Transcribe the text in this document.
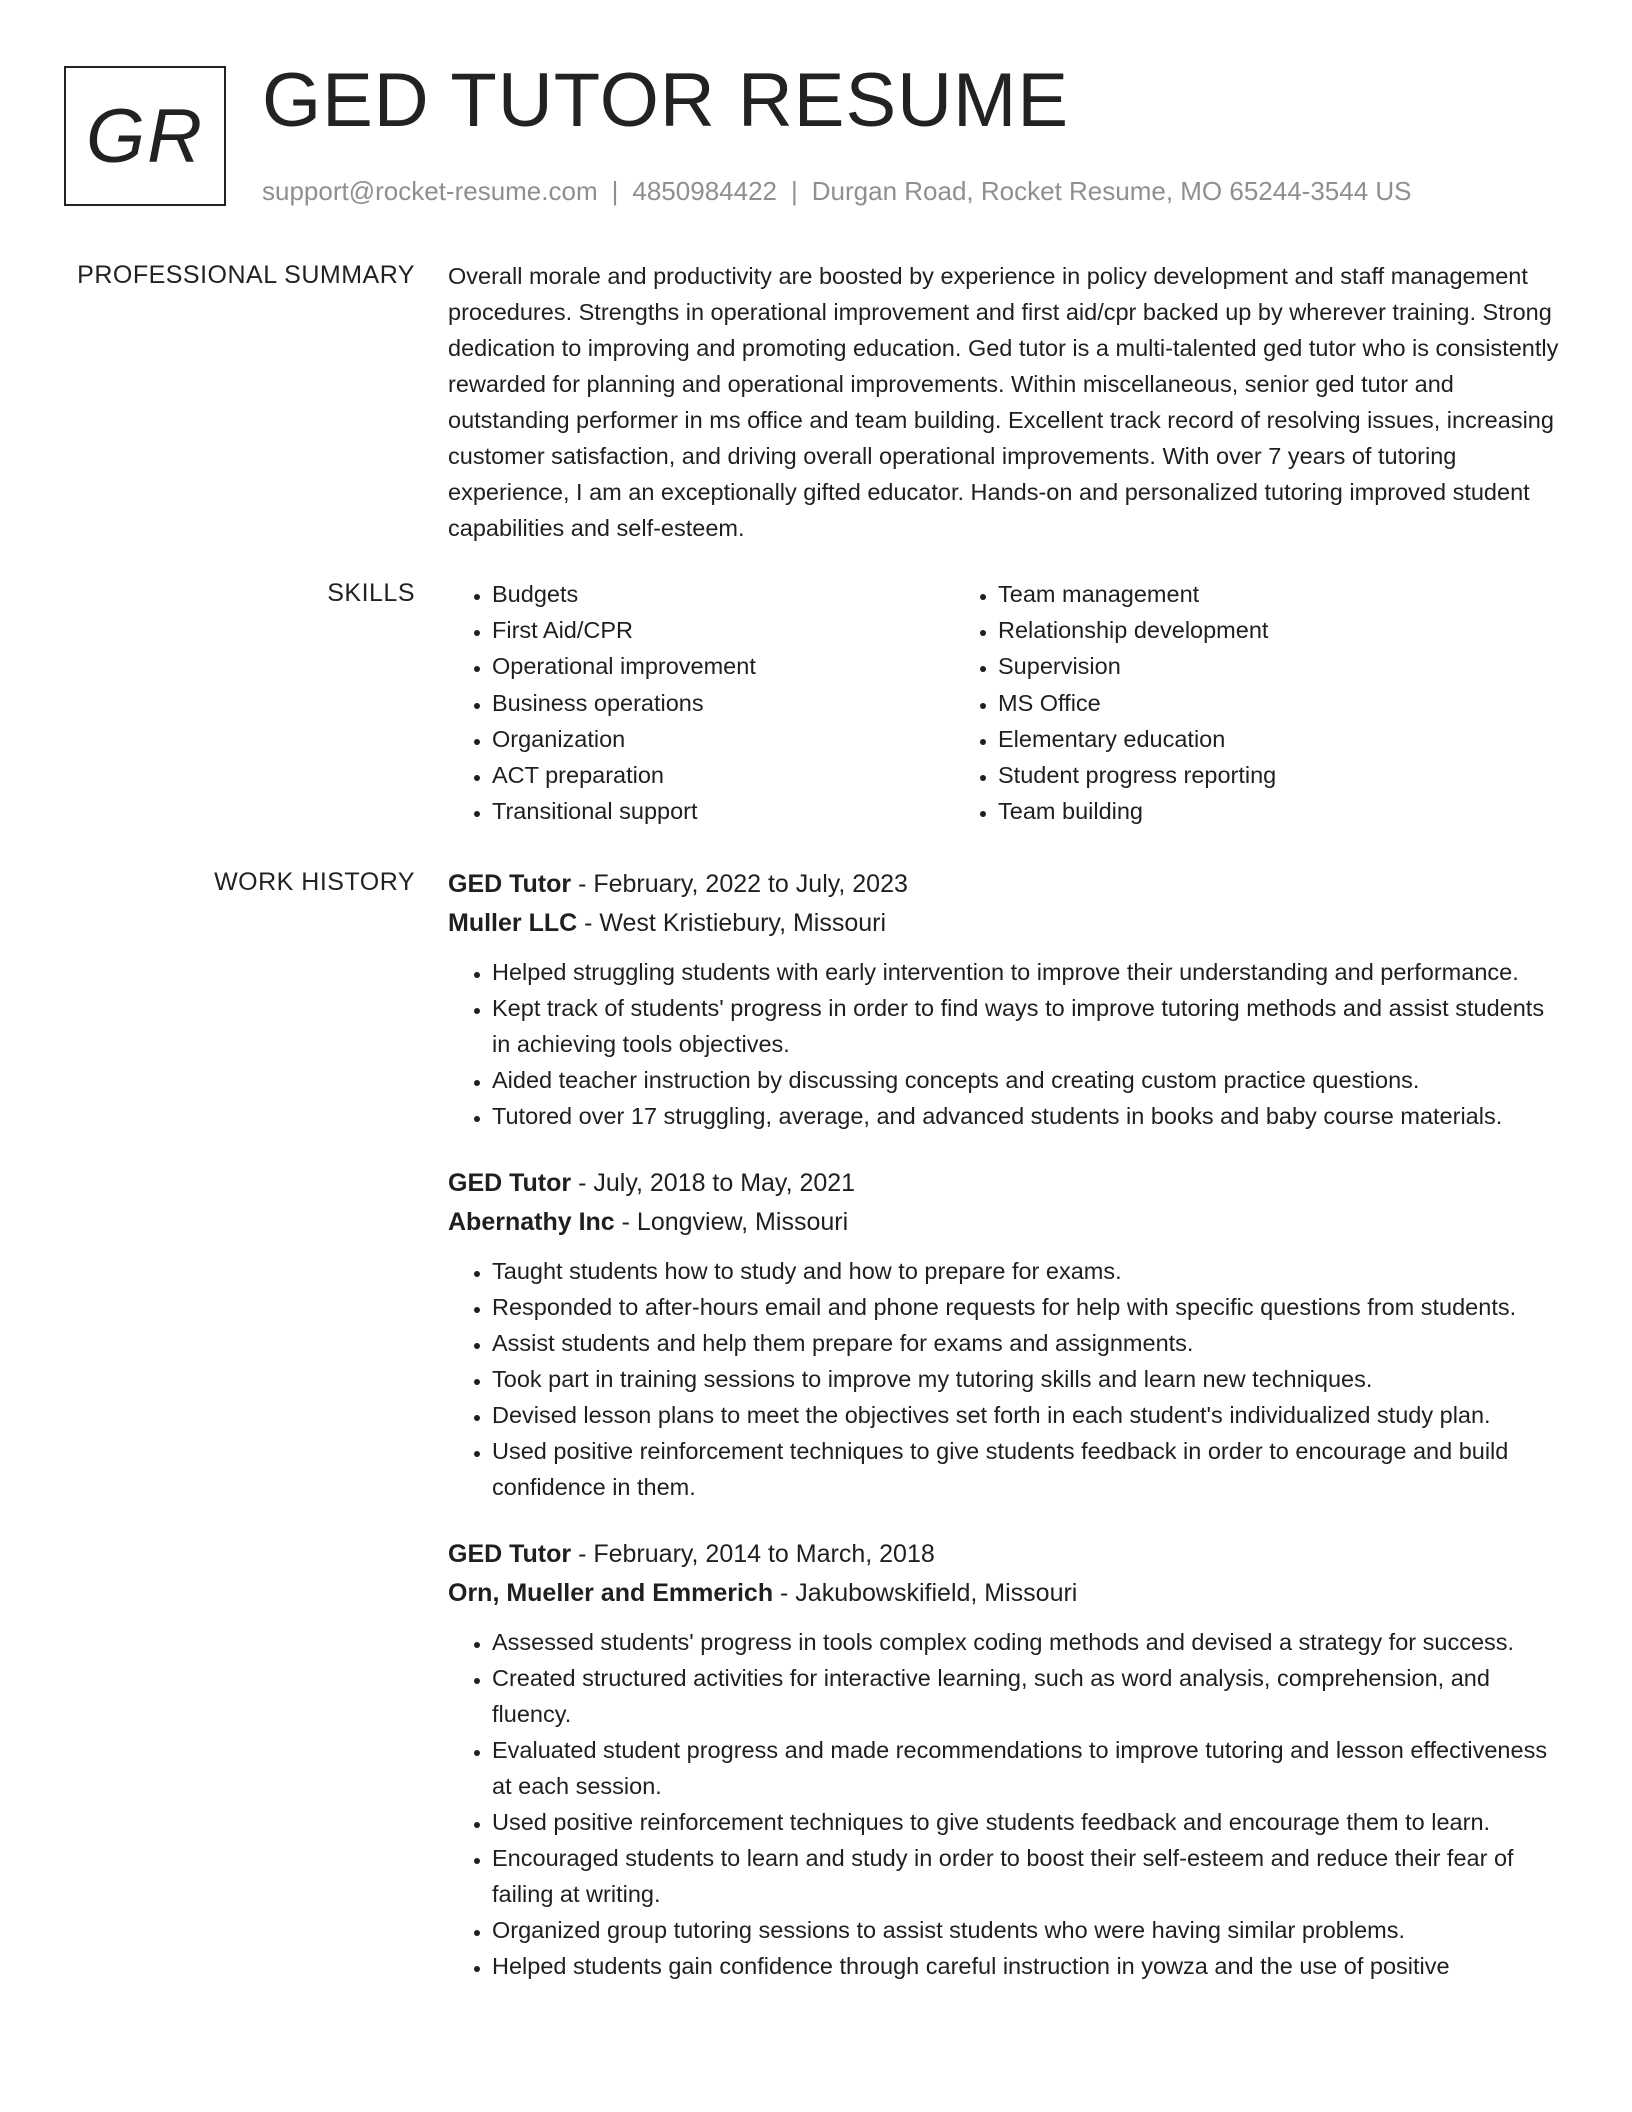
GR GED TUTOR RESUME
support@rocket-resume.com | 4850984422 | Durgan Road, Rocket Resume, MO 65244-3544 US
PROFESSIONAL SUMMARY Overall morale and productivity are boosted by experience in policy development and staff management procedures. Strengths in operational improvement and first aid/cpr backed up by wherever training. Strong dedication to improving and promoting education. Ged tutor is a multi-talented ged tutor who is consistently rewarded for planning and operational improvements. Within miscellaneous, senior ged tutor and outstanding performer in ms office and team building. Excellent track record of resolving issues, increasing customer satisfaction, and driving overall operational improvements. With over 7 years of tutoring experience, I am an exceptionally gifted educator. Hands-on and personalized tutoring improved student capabilities and self-esteem.

SKILLS
•	Budgets
• First Aid/CPR
• Operational improvement
• Business operations
• Organization
• ACT preparation
• Transitional support
• Team management
• Relationship development
• Supervision
• MS Office
• Elementary education
• Student progress reporting
• Team building
WORK HISTORY GED Tutor - February, 2022 to July, 2023
Muller LLC - West Kristiebury, Missouri
• Helped struggling students with early intervention to improve their understanding and performance.
• Kept track of students' progress in order to find ways to improve tutoring methods and assist students in achieving tools objectives.
• Aided teacher instruction by discussing concepts and creating custom practice questions.
• Tutored over 17 struggling, average, and advanced students in books and baby course materials.
GED Tutor - July, 2018 to May, 2021
Abernathy Inc - Longview, Missouri
• Taught students how to study and how to prepare for exams.
• Responded to after-hours email and phone requests for help with specific questions from students.
• Assist students and help them prepare for exams and assignments.
• Took part in training sessions to improve my tutoring skills and learn new techniques.
• Devised lesson plans to meet the objectives set forth in each student's individualized study plan.
• Used positive reinforcement techniques to give students feedback in order to encourage and build confidence in them.
GED Tutor - February, 2014 to March, 2018
Orn, Mueller and Emmerich - Jakubowskifield, Missouri
• Assessed students' progress in tools complex coding methods and devised a strategy for success.
• Created structured activities for interactive learning, such as word analysis, comprehension, and fluency.
• Evaluated student progress and made recommendations to improve tutoring and lesson effectiveness at each session.
• Used positive reinforcement techniques to give students feedback and encourage them to learn.
• Encouraged students to learn and study in order to boost their self-esteem and reduce their fear of failing at writing.
• Organized group tutoring sessions to assist students who were having similar problems.
• Helped students gain confidence through careful instruction in yowza and the use of positive
